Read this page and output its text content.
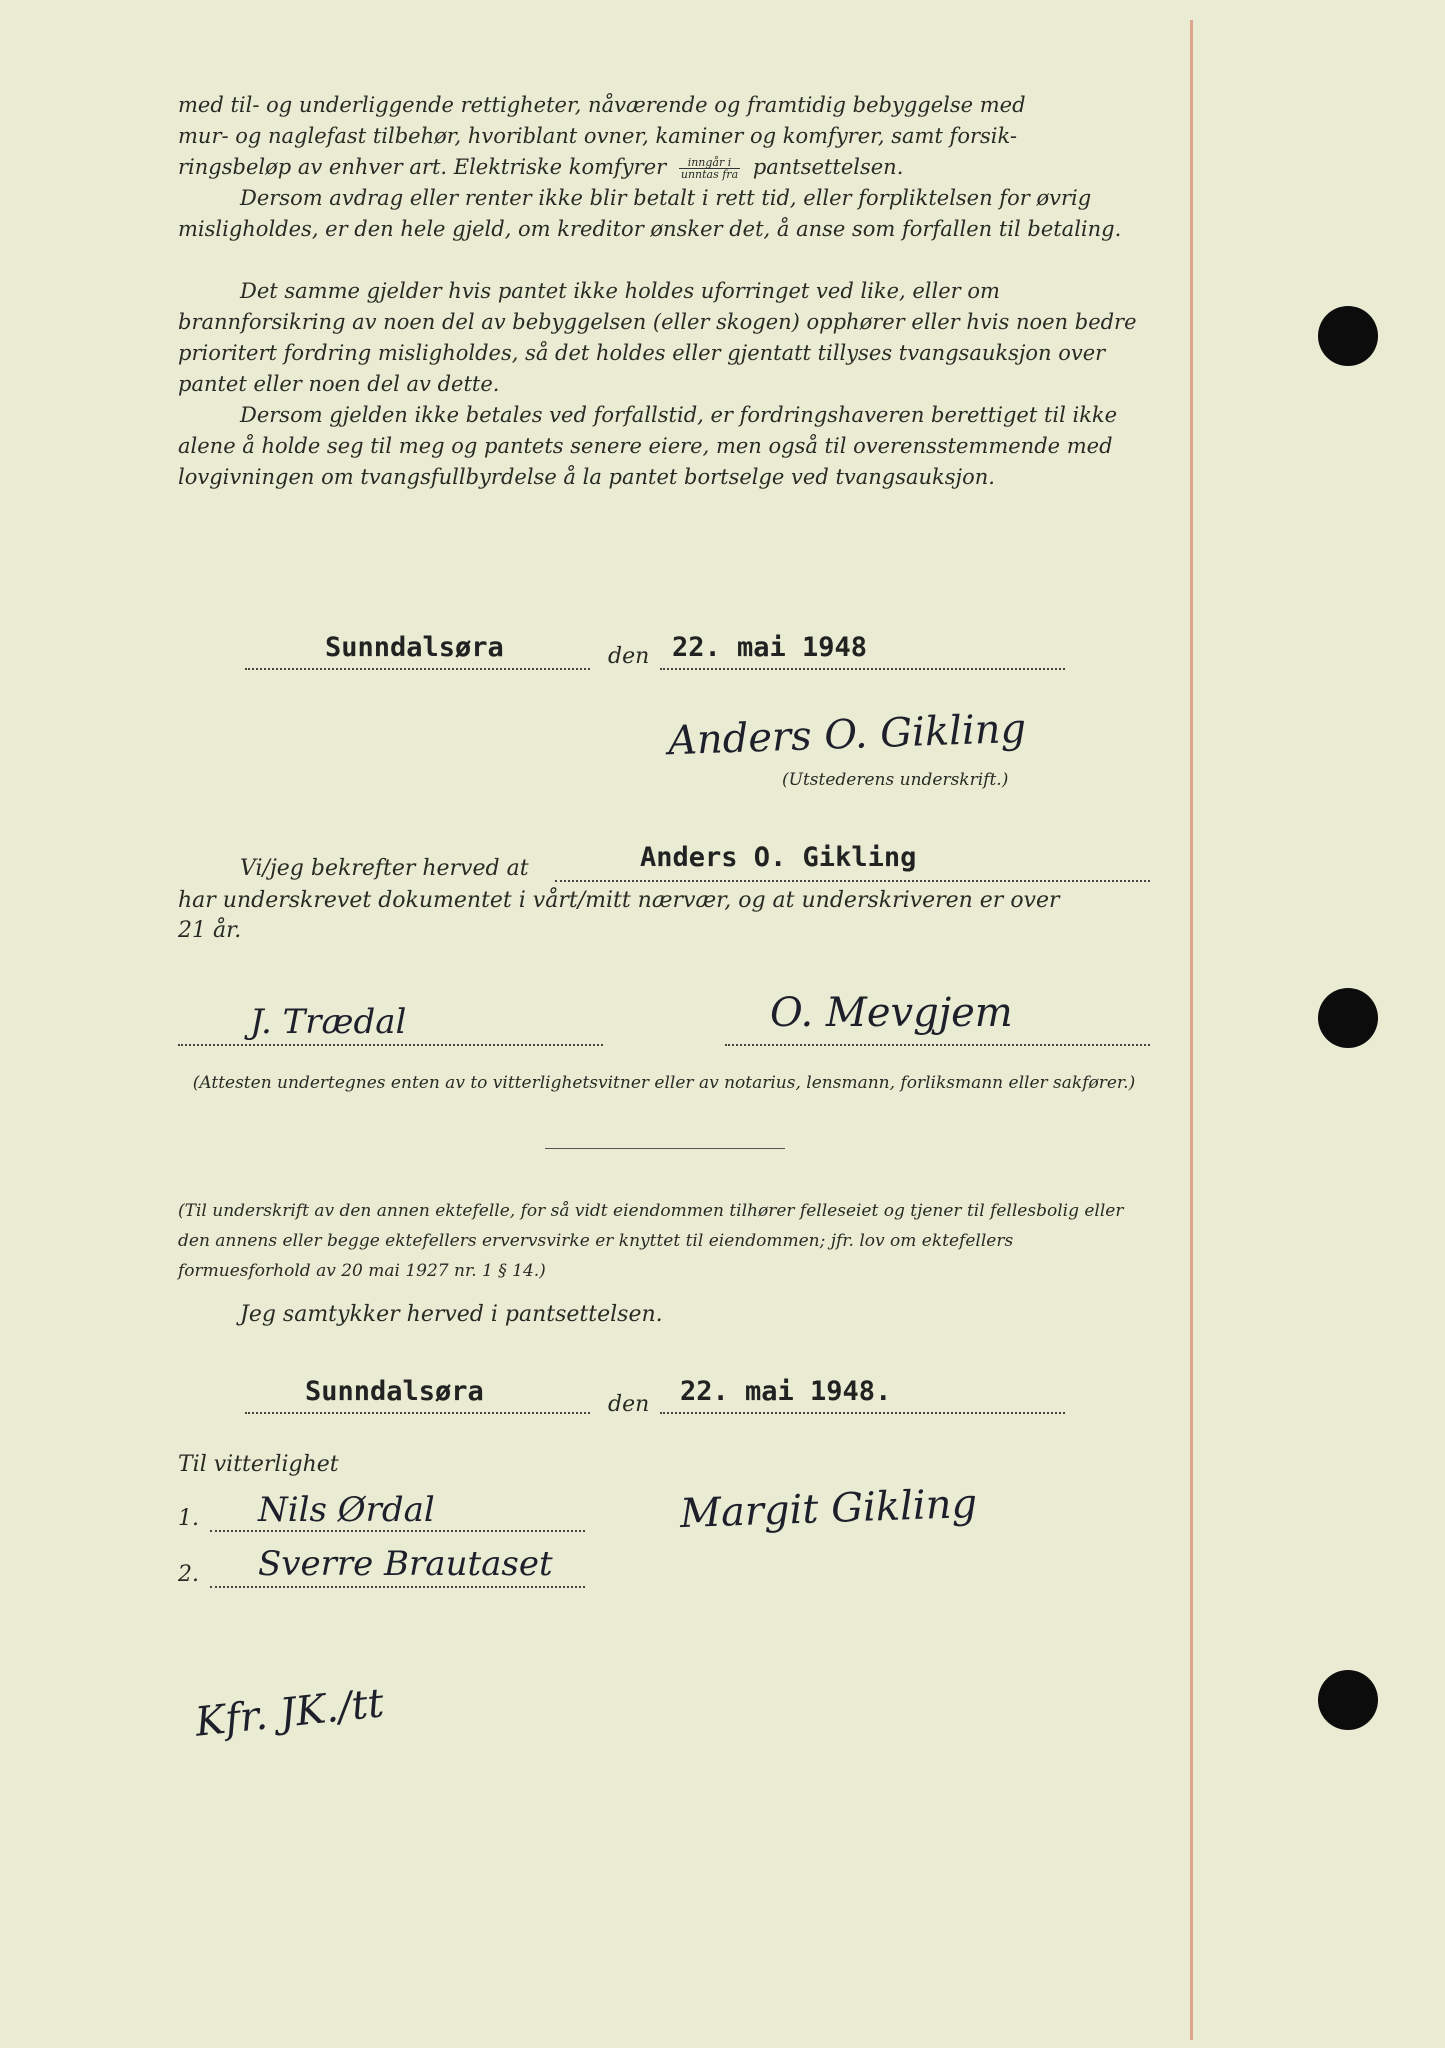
med til- og underliggende rettigheter, nåværende og framtidig bebyggelse med

mur- og naglefast tilbehør, hvoriblant ovner, kaminer og komfyrer, samt forsik-

ringsbeløp av enhver art. Elektriske komfyrer $\frac{\text{inngår i}}{\text{unntas fra}}$ pantsettelsen.

Dersom avdrag eller renter ikke blir betalt i rett tid, eller forpliktelsen for øvrig misligholdes, er den hele gjeld, om kreditor ønsker det, å anse som forfallen til betaling.

Det samme gjelder hvis pantet ikke holdes uforringet ved like, eller om brannforsikring av noen del av bebyggelsen (eller skogen) opphører eller hvis noen bedre prioritert fordring misligholdes, så det holdes eller gjentatt tillyses tvangsauksjon over pantet eller noen del av dette.

Dersom gjelden ikke betales ved forfallstid, er fordringshaveren berettiget til ikke alene å holde seg til meg og pantets senere eiere, men også til overensstemmende med lovgivningen om tvangsfullbyrdelse å la pantet bortselge ved tvangsauksjon.

Sunndalsøra	den 22. mai 1948
Anders O. Gikling
(Utstederens underskrift.)
Vi/jeg bekrefter herved at	Anders O. Gikling
har underskrevet dokumentet i vårt/mitt nærvær, og at underskriveren er over
21 år.
J. Trædal	O. Mevgjem
(Attesten undertegnes enten av to vitterlighetsvitner eller av notarius, lensmann, forliksmann eller sakfører.)
(Til underskrift av den annen ektefelle, for så vidt eiendommen tilhører felleseiet og tjener til fellesbolig eller den annens eller begge ektefellers ervervsvirke er knyttet til eiendommen; jfr. lov om ektefellers formuesforhold av 20 mai 1927 nr. 1 § 14.)
Jeg samtykker herved i pantsettelsen.
Sunndalsøra	den 22. mai 1948.
Til vitterlighet
1. Nils Ørdal
2. Sverre Brautaset
Margit Gikling
Kfr. JK./tt
